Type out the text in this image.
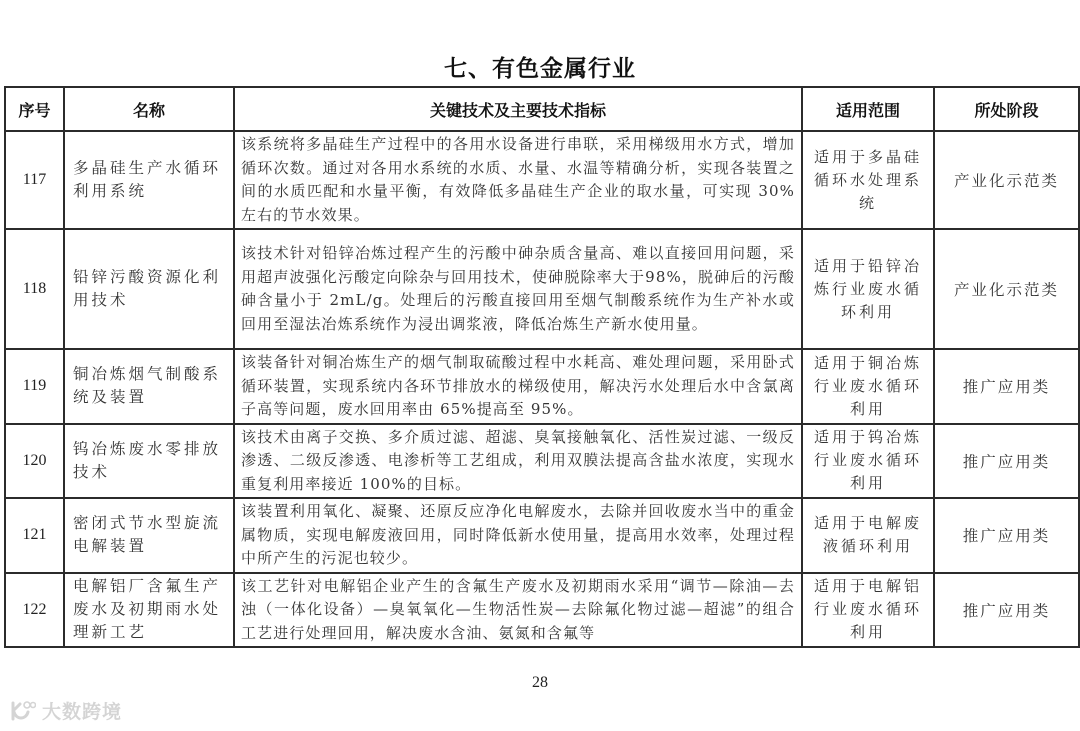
七、有色金属行业
序号	名称	关键技术及主要技术指标	适用范围	所处阶段
117	多晶硅生产水循环利用系统	该系统将多晶硅生产过程中的各用水设备进行串联，采用梯级用水方式，增加循环次数。通过对各用水系统的水质、水量、水温等精确分析，实现各装置之间的水质匹配和水量平衡，有效降低多晶硅生产企业的取水量，可实现 30%左右的节水效果。	适用于多晶硅循环水处理系统	产业化示范类
118	铅锌污酸资源化利用技术	该技术针对铅锌冶炼过程产生的污酸中砷杂质含量高、难以直接回用问题，采用超声波强化污酸定向除杂与回用技术，使砷脱除率大于98%，脱砷后的污酸砷含量小于 2mL/g。处理后的污酸直接回用至烟气制酸系统作为生产补水或回用至湿法冶炼系统作为浸出调浆液，降低冶炼生产新水使用量。	适用于铅锌冶炼行业废水循环利用	产业化示范类
119	铜冶炼烟气制酸系统及装置	该装备针对铜冶炼生产的烟气制取硫酸过程中水耗高、难处理问题，采用卧式循环装置，实现系统内各环节排放水的梯级使用，解决污水处理后水中含氯离子高等问题，废水回用率由 65%提高至 95%。	适用于铜冶炼行业废水循环利用	推广应用类
120	钨冶炼废水零排放技术	该技术由离子交换、多介质过滤、超滤、臭氧接触氧化、活性炭过滤、一级反渗透、二级反渗透、电渗析等工艺组成，利用双膜法提高含盐水浓度，实现水重复利用率接近 100%的目标。	适用于钨冶炼行业废水循环利用	推广应用类
121	密闭式节水型旋流电解装置	该装置利用氧化、凝聚、还原反应净化电解废水，去除并回收废水当中的重金属物质，实现电解废液回用，同时降低新水使用量，提高用水效率，处理过程中所产生的污泥也较少。	适用于电解废液循环利用	推广应用类
122	电解铝厂含氟生产废水及初期雨水处理新工艺	该工艺针对电解铝企业产生的含氟生产废水及初期雨水采用“调节—除油—去浊（一体化设备）—臭氧氧化—生物活性炭—去除氟化物过滤—超滤”的组合工艺进行处理回用，解决废水含油、氨氮和含氟等	适用于电解铝行业废水循环利用	推广应用类
28
大数跨境
